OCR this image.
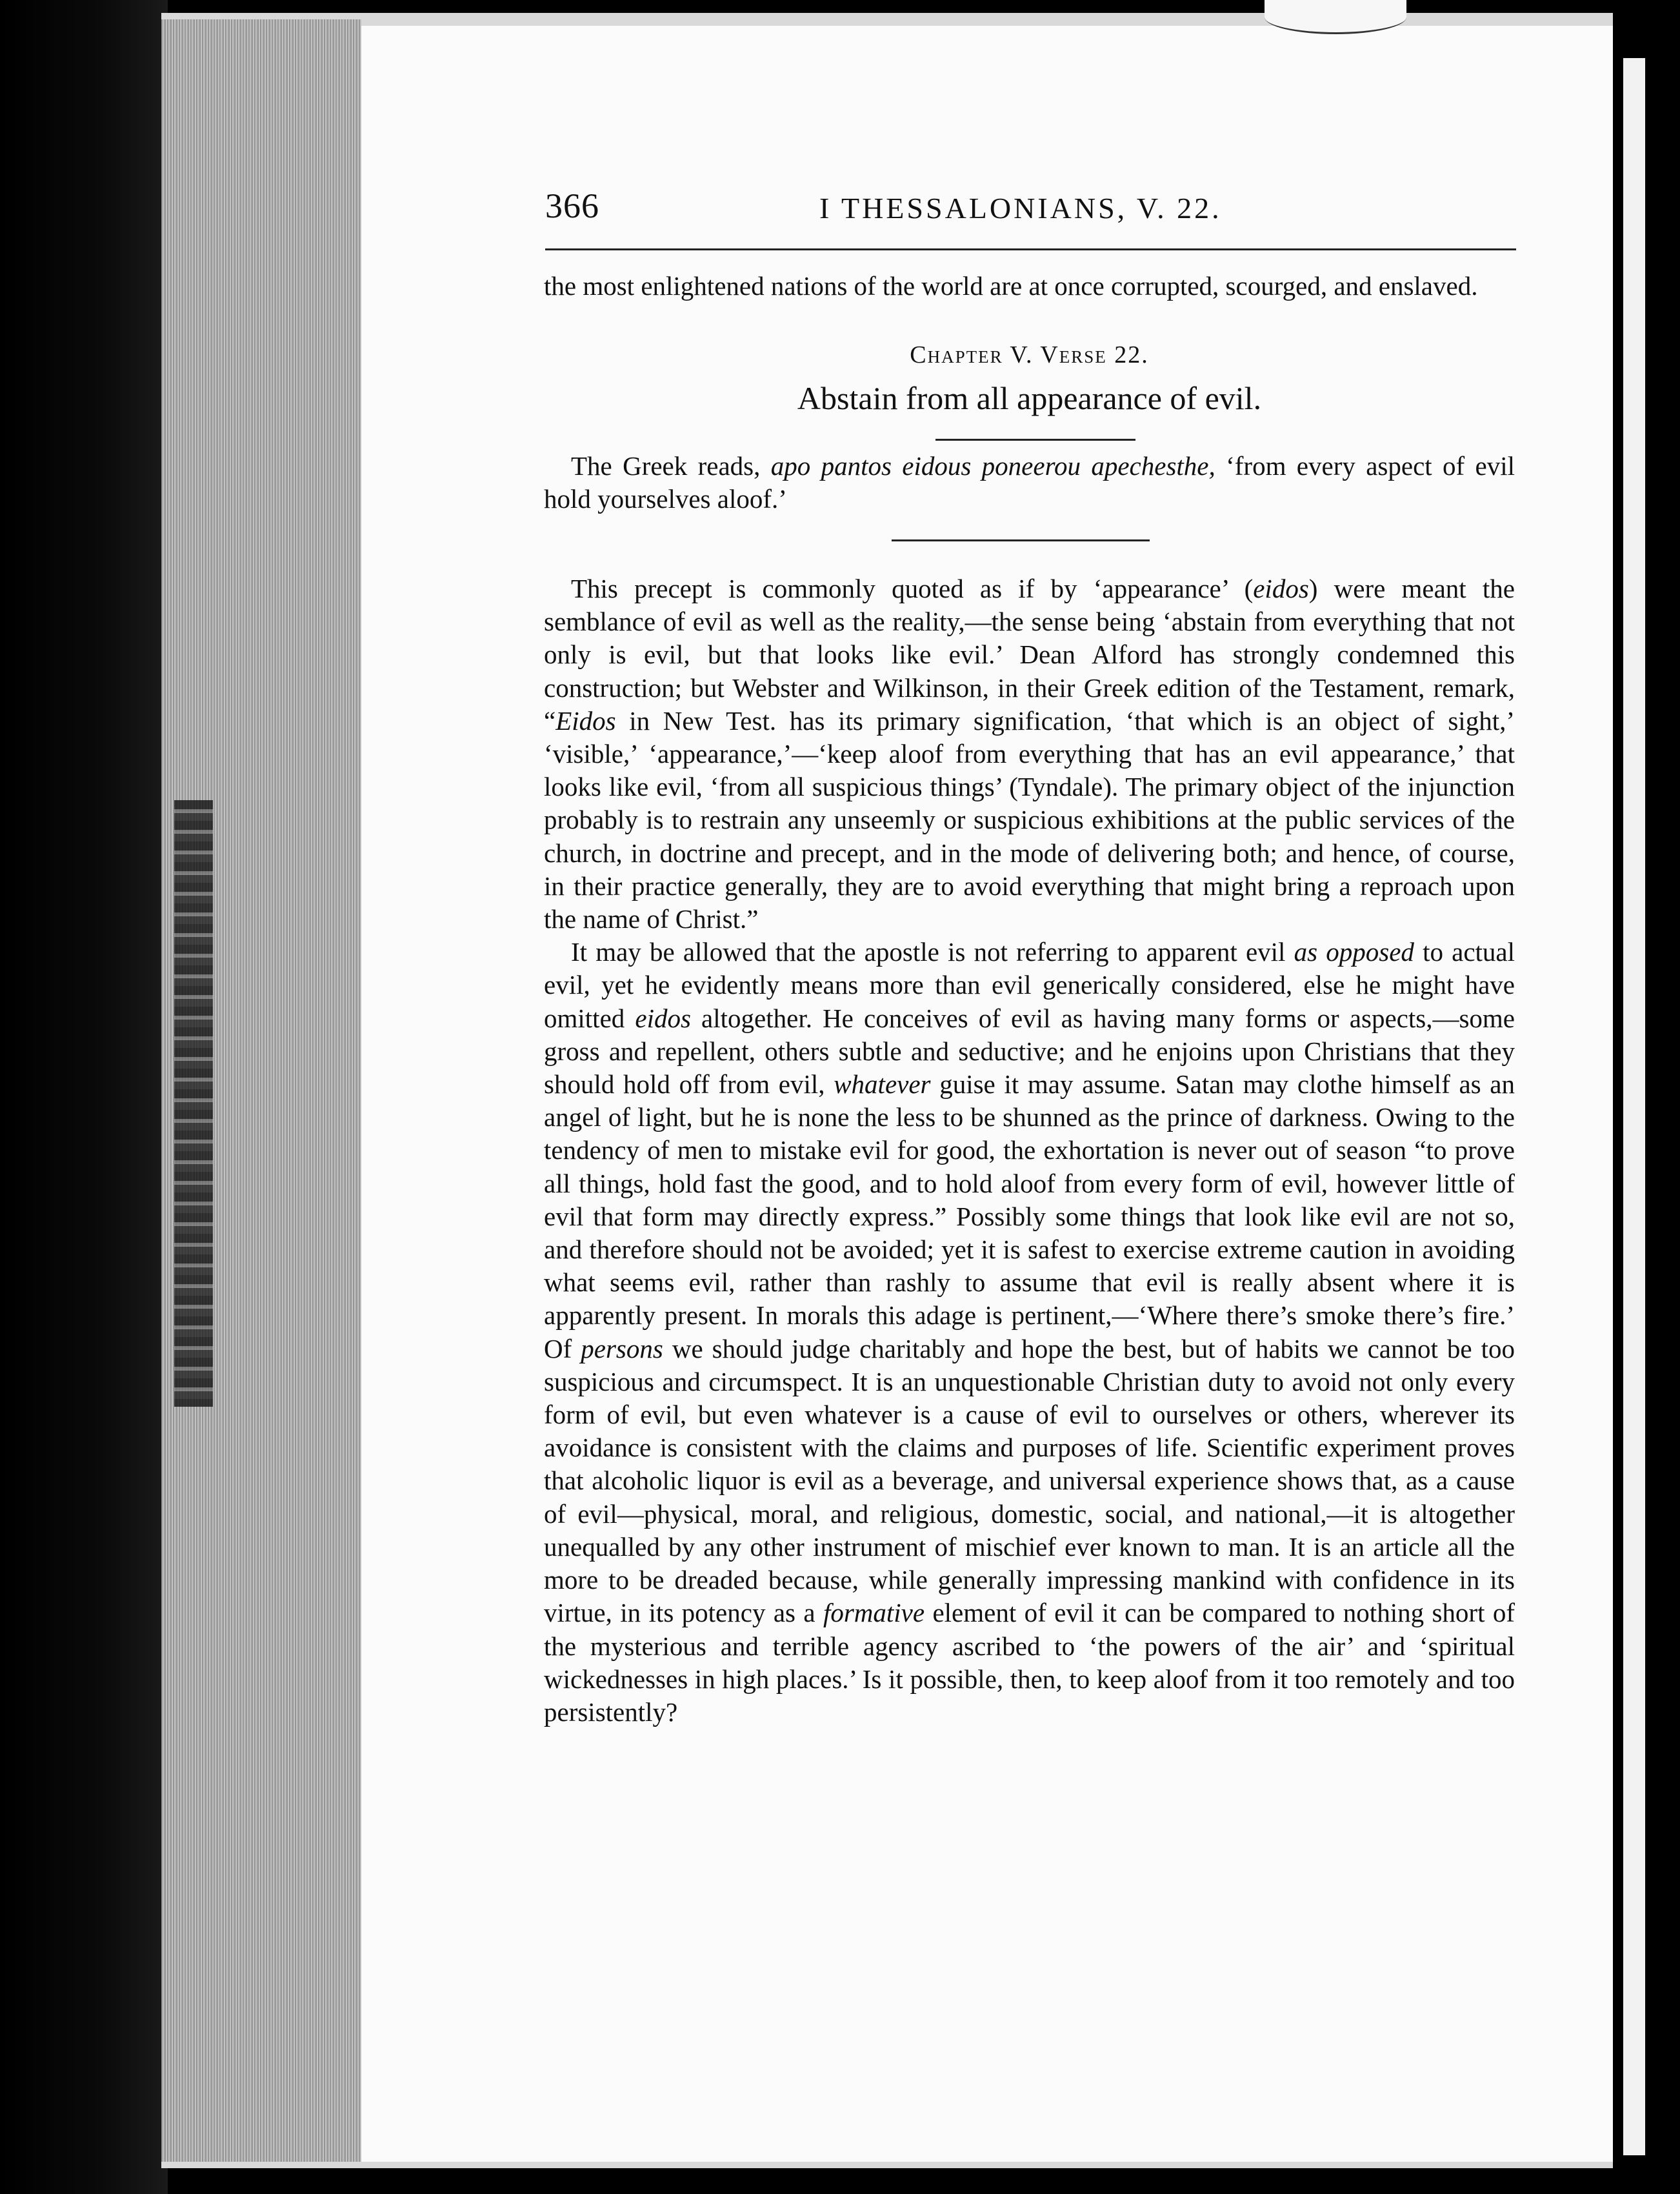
366	I THESSALONIANS, V. 22.

the most enlightened nations of the world are at once corrupted, scourged, and enslaved.

Chapter V. Verse 22.
Abstain from all appearance of evil.
The Greek reads, apo pantos eidous poneerou apechesthe, ‘from every aspect of evil hold yourselves aloof.’

This precept is commonly quoted as if by ‘appearance’ (eidos) were meant the semblance of evil as well as the reality,—the sense being ‘abstain from everything that not only is evil, but that looks like evil.’ Dean Alford has strongly condemned this construction; but Webster and Wilkinson, in their Greek edition of the Testament, remark, “Eidos in New Test. has its primary signification, ‘that which is an object of sight,’ ‘visible,’ ‘appearance,’—‘keep aloof from everything that has an evil appearance,’ that looks like evil, ‘from all suspicious things’ (Tyndale). The primary object of the injunction probably is to restrain any unseemly or suspicious exhibitions at the public services of the church, in doctrine and precept, and in the mode of delivering both; and hence, of course, in their practice generally, they are to avoid everything that might bring a reproach upon the name of Christ.”

It may be allowed that the apostle is not referring to apparent evil as opposed to actual evil, yet he evidently means more than evil generically considered, else he might have omitted eidos altogether. He conceives of evil as having many forms or aspects,—some gross and repellent, others subtle and seductive; and he enjoins upon Christians that they should hold off from evil, whatever guise it may assume. Satan may clothe himself as an angel of light, but he is none the less to be shunned as the prince of darkness. Owing to the tendency of men to mistake evil for good, the exhortation is never out of season “to prove all things, hold fast the good, and to hold aloof from every form of evil, however little of evil that form may directly express.” Possibly some things that look like evil are not so, and therefore should not be avoided; yet it is safest to exercise extreme caution in avoiding what seems evil, rather than rashly to assume that evil is really absent where it is apparently present. In morals this adage is pertinent,—‘Where there’s smoke there’s fire.’ Of persons we should judge charitably and hope the best, but of habits we cannot be too suspicious and circumspect. It is an unquestionable Christian duty to avoid not only every form of evil, but even whatever is a cause of evil to ourselves or others, wherever its avoidance is consistent with the claims and purposes of life. Scientific experiment proves that alcoholic liquor is evil as a beverage, and universal experience shows that, as a cause of evil—physical, moral, and religious, domestic, social, and national,—it is altogether unequalled by any other instrument of mischief ever known to man. It is an article all the more to be dreaded because, while generally impressing mankind with confidence in its virtue, in its potency as a formative element of evil it can be compared to nothing short of the mysterious and terrible agency ascribed to ‘the powers of the air’ and ‘spiritual wickednesses in high places.’ Is it possible, then, to keep aloof from it too remotely and too persistently?
